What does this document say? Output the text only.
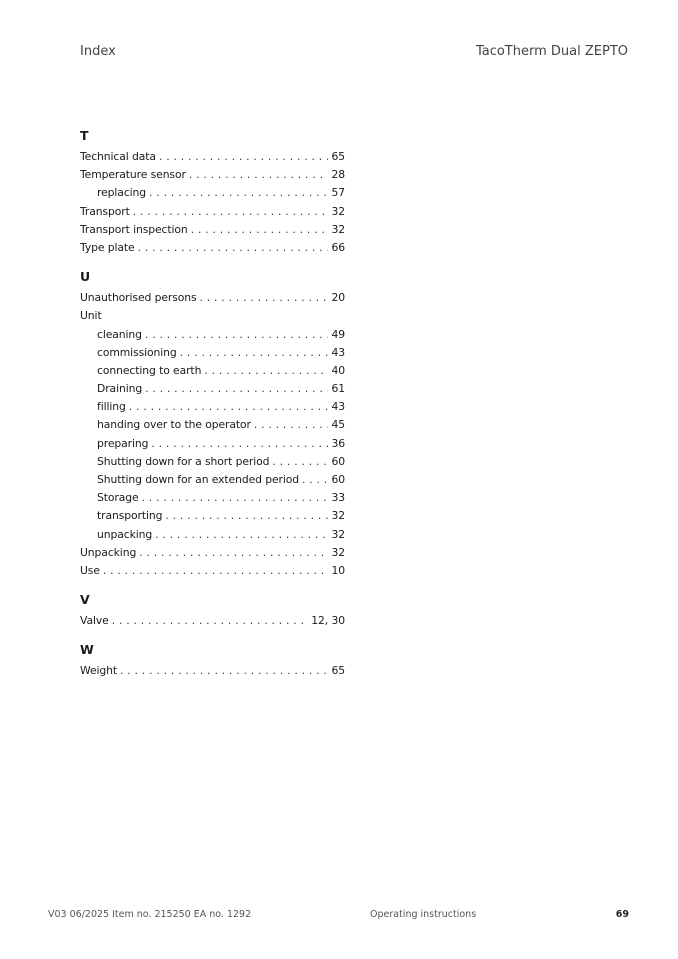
Index	TacoTherm Dual ZEPTO
T
Technical data . . .	65
Temperature sensor . . .	28
replacing . . .	57
Transport . . .	32
Transport inspection . . .	32
Type plate . . .	66
U
Unauthorised persons . . .	20
Unit
cleaning . . .	49
commissioning . . .	43
connecting to earth . . .	40
Draining . . .	61
filling . . .	43
handing over to the operator . . .	45
preparing . . .	36
Shutting down for a short period . . .	60
Shutting down for an extended period . . .	60
Storage . . .	33
transporting . . .	32
unpacking . . .	32
Unpacking . . .	32
Use . . .	10
V
Valve . . .	12, 30
W
Weight . . .	65
V03 06/2025 Item no. 215250 EA no. 1292	Operating instructions	69
